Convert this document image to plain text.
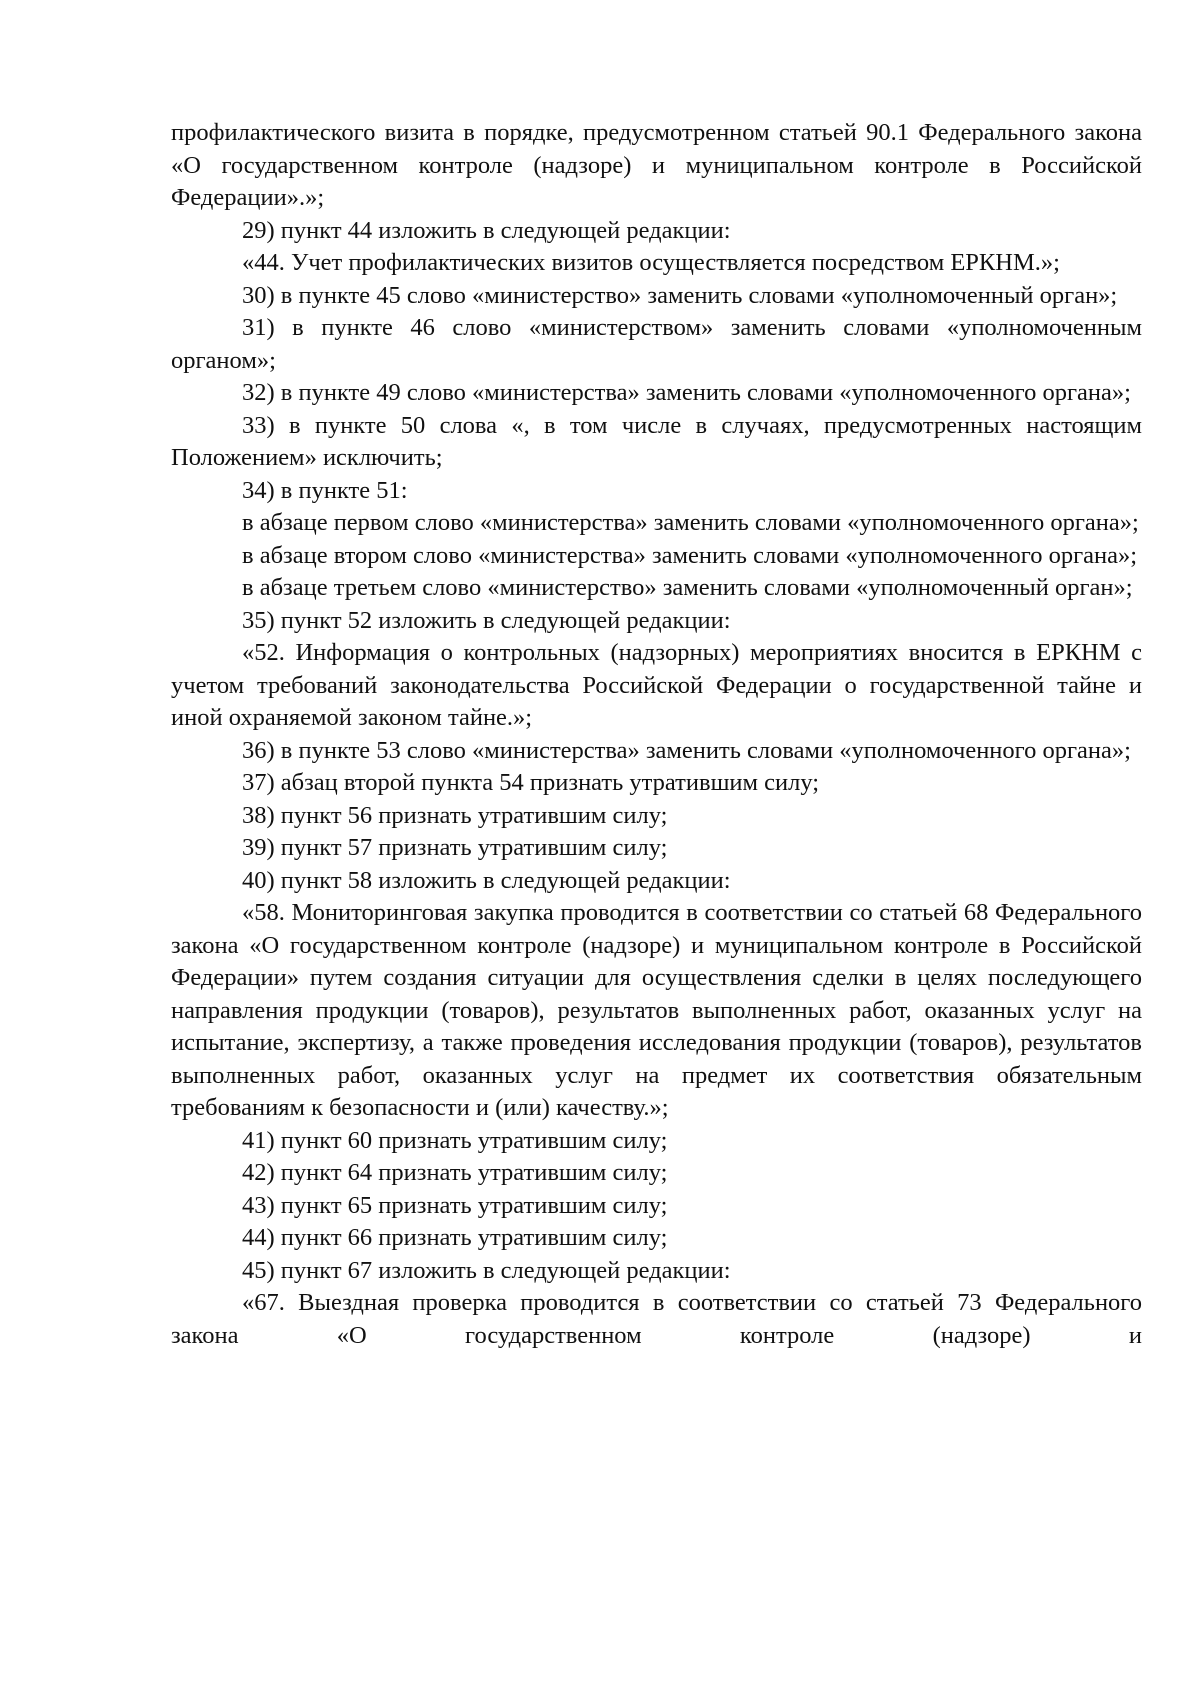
профилактического визита в порядке, предусмотренном статьей 90.1 Федерального закона «О государственном контроле (надзоре) и муниципальном контроле в Российской Федерации».»;

29) пункт 44 изложить в следующей редакции:

«44. Учет профилактических визитов осуществляется посредством ЕРКНМ.»;

30) в пункте 45 слово «министерство» заменить словами «уполномоченный орган»;

31) в пункте 46 слово «министерством» заменить словами «уполномоченным органом»;

32) в пункте 49 слово «министерства» заменить словами «уполномоченного органа»;

33) в пункте 50 слова «, в том числе в случаях, предусмотренных настоящим Положением» исключить;

34) в пункте 51:

в абзаце первом слово «министерства» заменить словами «уполномоченного органа»;

в абзаце втором слово «министерства» заменить словами «уполномоченного органа»;

в абзаце третьем слово «министерство» заменить словами «уполномоченный орган»;

35) пункт 52 изложить в следующей редакции:

«52. Информация о контрольных (надзорных) мероприятиях вносится в ЕРКНМ с учетом требований законодательства Российской Федерации о государственной тайне и иной охраняемой законом тайне.»;

36) в пункте 53 слово «министерства» заменить словами «уполномоченного органа»;

37) абзац второй пункта 54 признать утратившим силу;

38) пункт 56 признать утратившим силу;

39) пункт 57 признать утратившим силу;

40) пункт 58 изложить в следующей редакции:

«58. Мониторинговая закупка проводится в соответствии со статьей 68 Федерального закона «О государственном контроле (надзоре) и муниципальном контроле в Российской Федерации» путем создания ситуации для осуществления сделки в целях последующего направления продукции (товаров), результатов выполненных работ, оказанных услуг на испытание, экспертизу, а также проведения исследования продукции (товаров), результатов выполненных работ, оказанных услуг на предмет их соответствия обязательным требованиям к безопасности и (или) качеству.»;

41) пункт 60 признать утратившим силу;

42) пункт 64 признать утратившим силу;

43) пункт 65 признать утратившим силу;

44) пункт 66 признать утратившим силу;

45) пункт 67 изложить в следующей редакции:

«67. Выездная проверка проводится в соответствии со статьей 73 Федерального закона «О государственном контроле (надзоре) и
